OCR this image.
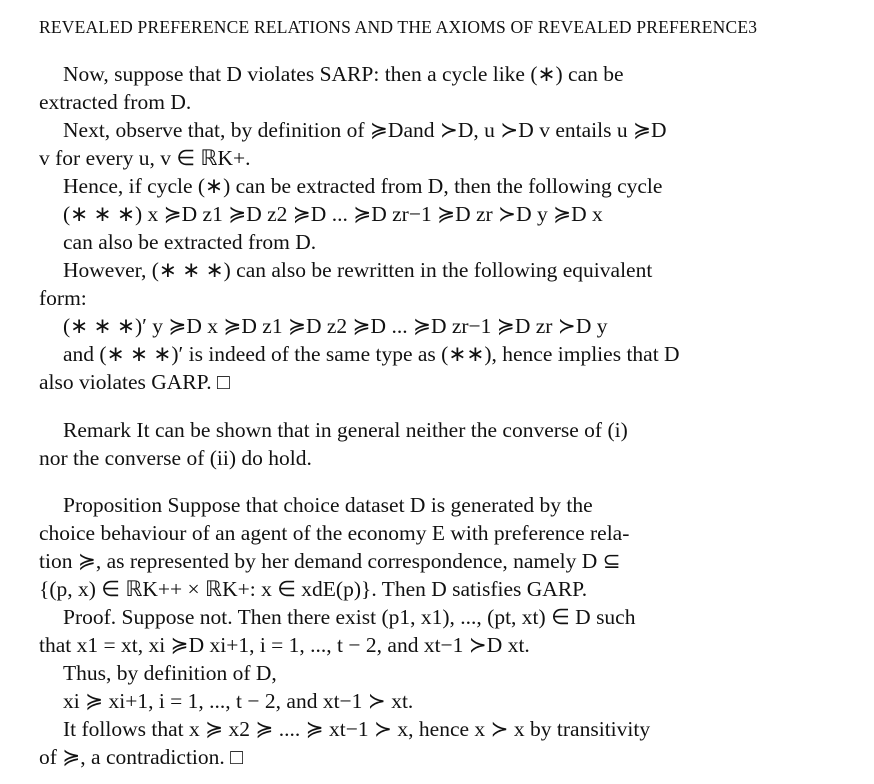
REVEALED PREFERENCE RELATIONS AND THE AXIOMS OF REVEALED PREFERENCE3
Now, suppose that D violates SARP: then a cycle like (∗) can be
extracted from D.
Next, observe that, by definition of ≽Dand ≻D, u ≻D v entails u ≽D
v for every u, v ∈ ℝK+.
Hence, if cycle (∗) can be extracted from D, then the following cycle
(∗ ∗ ∗) x ≽D z1 ≽D z2 ≽D ... ≽D zr−1 ≽D zr ≻D y ≽D x
can also be extracted from D.
However, (∗ ∗ ∗) can also be rewritten in the following equivalent
form:
(∗ ∗ ∗)′ y ≽D x ≽D z1 ≽D z2 ≽D ... ≽D zr−1 ≽D zr ≻D y
and (∗ ∗ ∗)′ is indeed of the same type as (∗∗), hence implies that D
also violates GARP. □
Remark It can be shown that in general neither the converse of (i)
nor the converse of (ii) do hold.
Proposition Suppose that choice dataset D is generated by the
choice behaviour of an agent of the economy E with preference rela-
tion ≽, as represented by her demand correspondence, namely D ⊆
{(p, x) ∈ ℝK++ × ℝK+: x ∈ xdE(p)}. Then D satisfies GARP.
Proof. Suppose not. Then there exist (p1, x1), ..., (pt, xt) ∈ D such
that x1 = xt, xi ≽D xi+1, i = 1, ..., t − 2, and xt−1 ≻D xt.
Thus, by definition of D,
xi ≽ xi+1, i = 1, ..., t − 2, and xt−1 ≻ xt.
It follows that x ≽ x2 ≽ .... ≽ xt−1 ≻ x, hence x ≻ x by transitivity
of ≽, a contradiction. □
